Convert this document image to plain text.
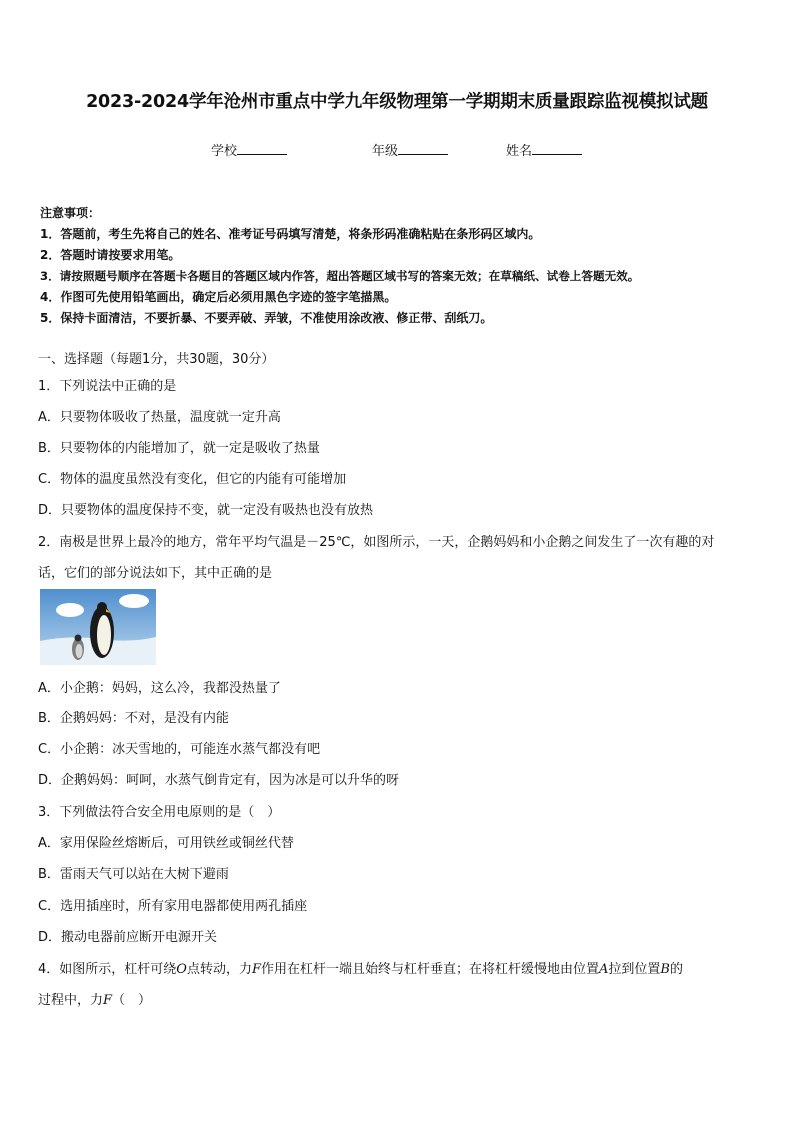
2023-2024学年沧州市重点中学九年级物理第一学期期末质量跟踪监视模拟试题
学校	年级	姓名
注意事项：
1．答题前，考生先将自己的姓名、准考证号码填写清楚，将条形码准确粘贴在条形码区域内。
2．答题时请按要求用笔。
3．请按照题号顺序在答题卡各题目的答题区域内作答，超出答题区域书写的答案无效；在草稿纸、试卷上答题无效。
4．作图可先使用铅笔画出，确定后必须用黑色字迹的签字笔描黑。
5．保持卡面清洁，不要折暴、不要弄破、弄皱，不准使用涂改液、修正带、刮纸刀。
一、选择题（每题1分，共30题，30分）
1．下列说法中正确的是
A．只要物体吸收了热量，温度就一定升高
B．只要物体的内能增加了，就一定是吸收了热量
C．物体的温度虽然没有变化，但它的内能有可能增加
D．只要物体的温度保持不变，就一定没有吸热也没有放热
2．南极是世界上最冷的地方，常年平均气温是－25℃，如图所示，一天，企鹅妈妈和小企鹅之间发生了一次有趣的对
话，它们的部分说法如下，其中正确的是
A．小企鹅：妈妈，这么冷，我都没热量了
B．企鹅妈妈：不对，是没有内能
C．小企鹅：冰天雪地的，可能连水蒸气都没有吧
D．企鹅妈妈：呵呵，水蒸气倒肯定有，因为冰是可以升华的呀
3．下列做法符合安全用电原则的是（　）
A．家用保险丝熔断后，可用铁丝或铜丝代替
B．雷雨天气可以站在大树下避雨
C．选用插座时，所有家用电器都使用两孔插座
D．搬动电器前应断开电源开关
4．如图所示，杠杆可绕O点转动，力F作用在杠杆一端且始终与杠杆垂直；在将杠杆缓慢地由位置A拉到位置B的
过程中，力F（　）
